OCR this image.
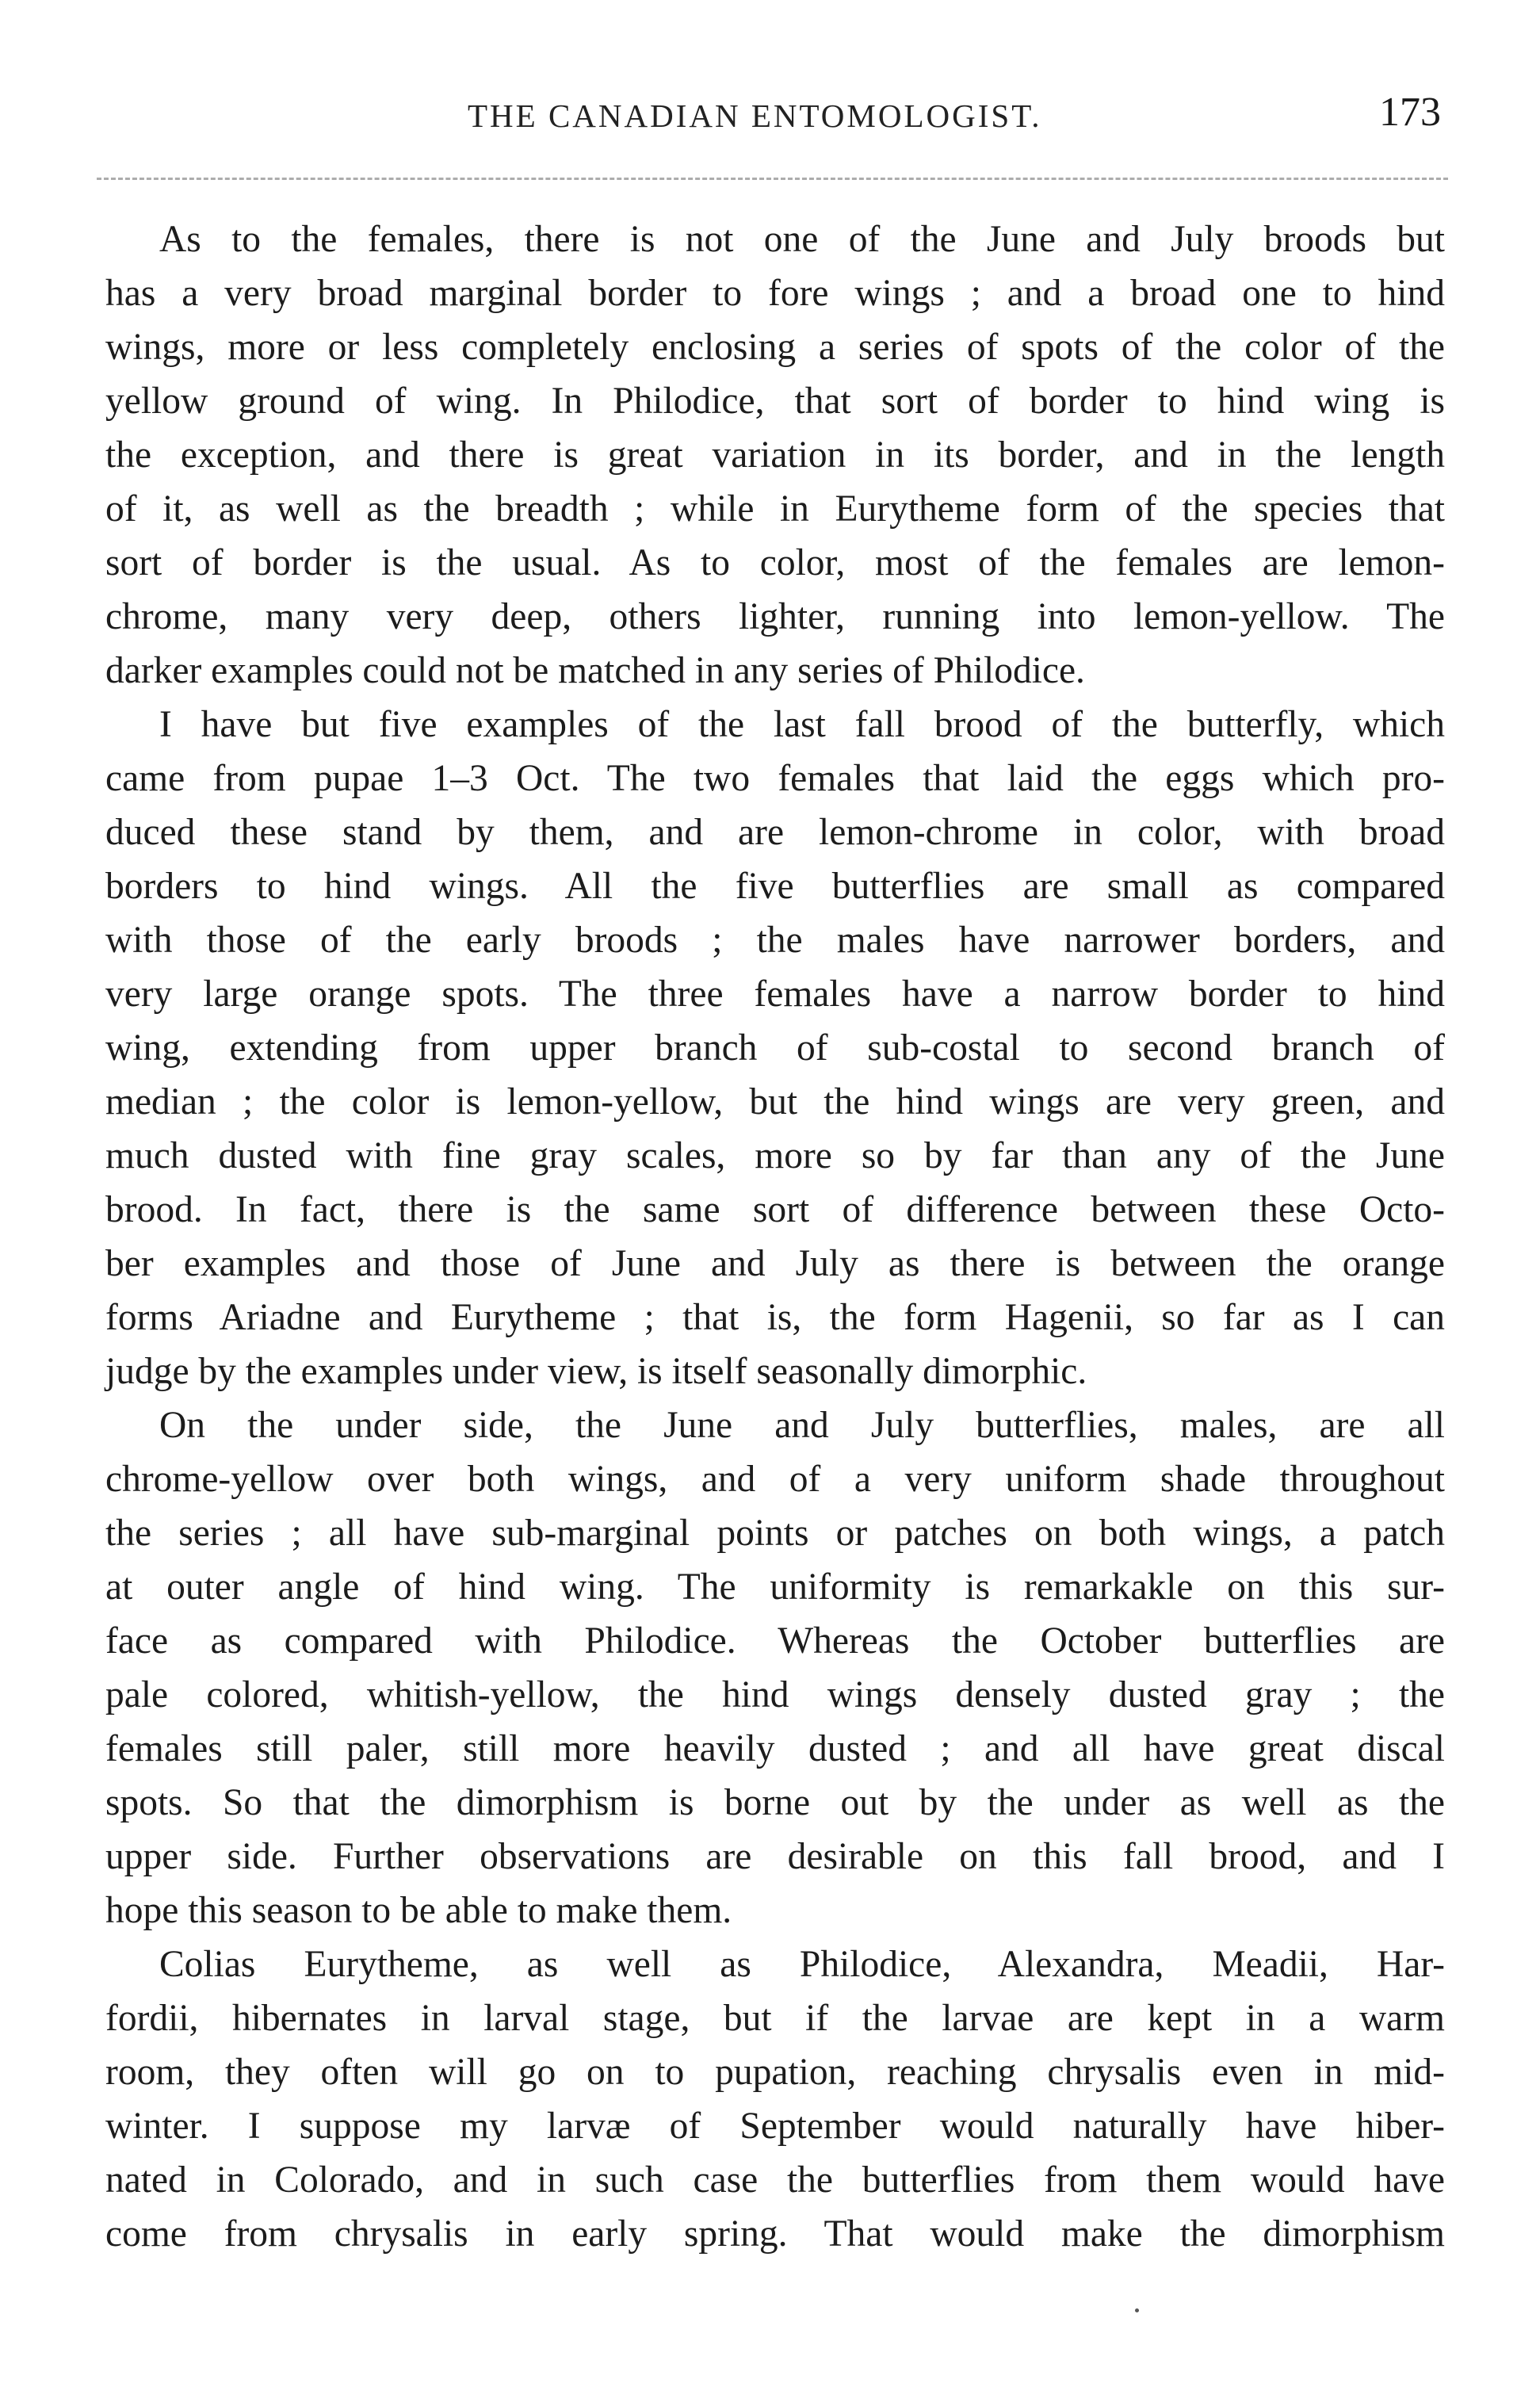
THE CANADIAN ENTOMOLOGIST.	173

As to the females, there is not one of the June and July broods but
has a very broad marginal border to fore wings ; and a broad one to hind
wings, more or less completely enclosing a series of spots of the color of the
yellow ground of wing. In Philodice, that sort of border to hind wing is
the exception, and there is great variation in its border, and in the length
of it, as well as the breadth ; while in Eurytheme form of the species that
sort of border is the usual. As to color, most of the females are lemon-
chrome, many very deep, others lighter, running into lemon-yellow. The
darker examples could not be matched in any series of Philodice.

I have but five examples of the last fall brood of the butterfly, which
came from pupae 1–3 Oct. The two females that laid the eggs which pro-
duced these stand by them, and are lemon-chrome in color, with broad
borders to hind wings. All the five butterflies are small as compared
with those of the early broods ; the males have narrower borders, and
very large orange spots. The three females have a narrow border to hind
wing, extending from upper branch of sub-costal to second branch of
median ; the color is lemon-yellow, but the hind wings are very green, and
much dusted with fine gray scales, more so by far than any of the June
brood. In fact, there is the same sort of difference between these Octo-
ber examples and those of June and July as there is between the orange
forms Ariadne and Eurytheme ; that is, the form Hagenii, so far as I can
judge by the examples under view, is itself seasonally dimorphic.

On the under side, the June and July butterflies, males, are all
chrome-yellow over both wings, and of a very uniform shade throughout
the series ; all have sub-marginal points or patches on both wings, a patch
at outer angle of hind wing. The uniformity is remarkakle on this sur-
face as compared with Philodice. Whereas the October butterflies are
pale colored, whitish-yellow, the hind wings densely dusted gray ; the
females still paler, still more heavily dusted ; and all have great discal
spots. So that the dimorphism is borne out by the under as well as the
upper side. Further observations are desirable on this fall brood, and I
hope this season to be able to make them.

Colias Eurytheme, as well as Philodice, Alexandra, Meadii, Har-
fordii, hibernates in larval stage, but if the larvae are kept in a warm
room, they often will go on to pupation, reaching chrysalis even in mid-
winter. I suppose my larvæ of September would naturally have hiber-
nated in Colorado, and in such case the butterflies from them would have
come from chrysalis in early spring. That would make the dimorphism
